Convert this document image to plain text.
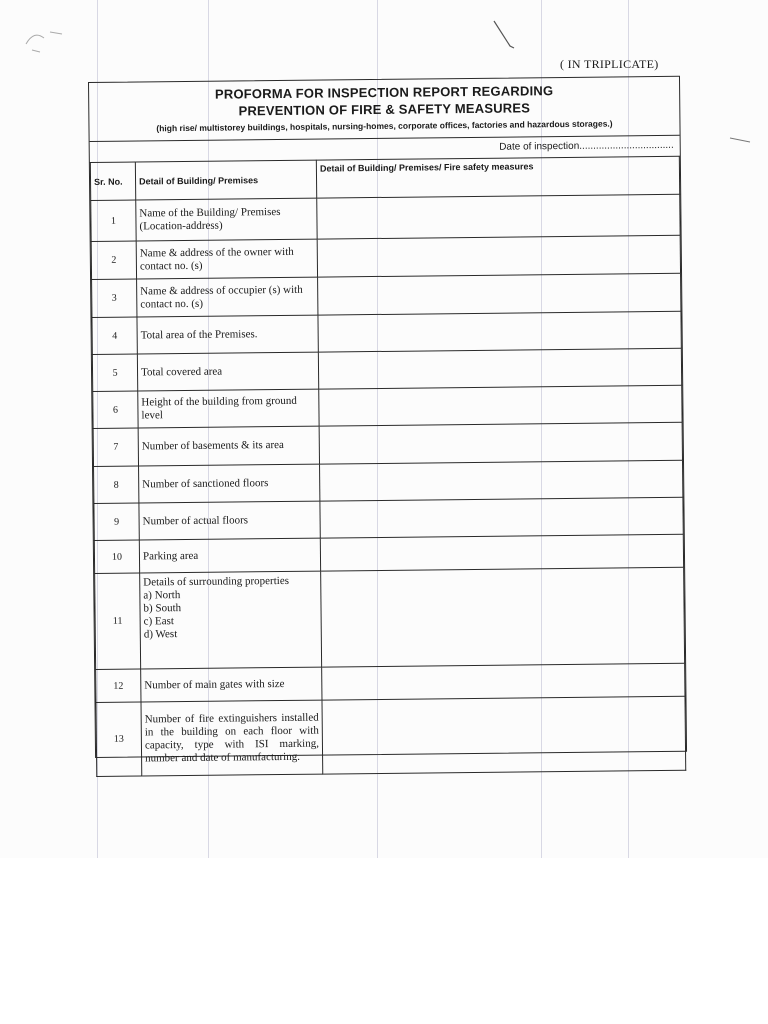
( IN TRIPLICATE)
PROFORMA FOR INSPECTION REPORT REGARDING
PREVENTION OF FIRE & SAFETY MEASURES
(high rise/ multistorey buildings, hospitals, nursing-homes, corporate offices, factories and hazardous storages.)
Date of inspection..................................
Sr. No.	Detail of Building/ Premises	Detail of Building/ Premises/ Fire safety measures
1	Name of the Building/ Premises (Location-address)	
2	Name & address of the owner with contact no. (s)	
3	Name & address of occupier (s) with contact no. (s)	
4	Total area of the Premises.	
5	Total covered area	
6	Height of the building from ground level	
7	Number of basements & its area	
8	Number of sanctioned floors	
9	Number of actual floors	
10	Parking area	
11	Details of surrounding properties
a) North
b) South
c) East
d) West	

12	Number of main gates with size	
13	Number of fire extinguishers installed in the building on each floor with capacity, type with ISI marking, number and date of manufacturing.	
